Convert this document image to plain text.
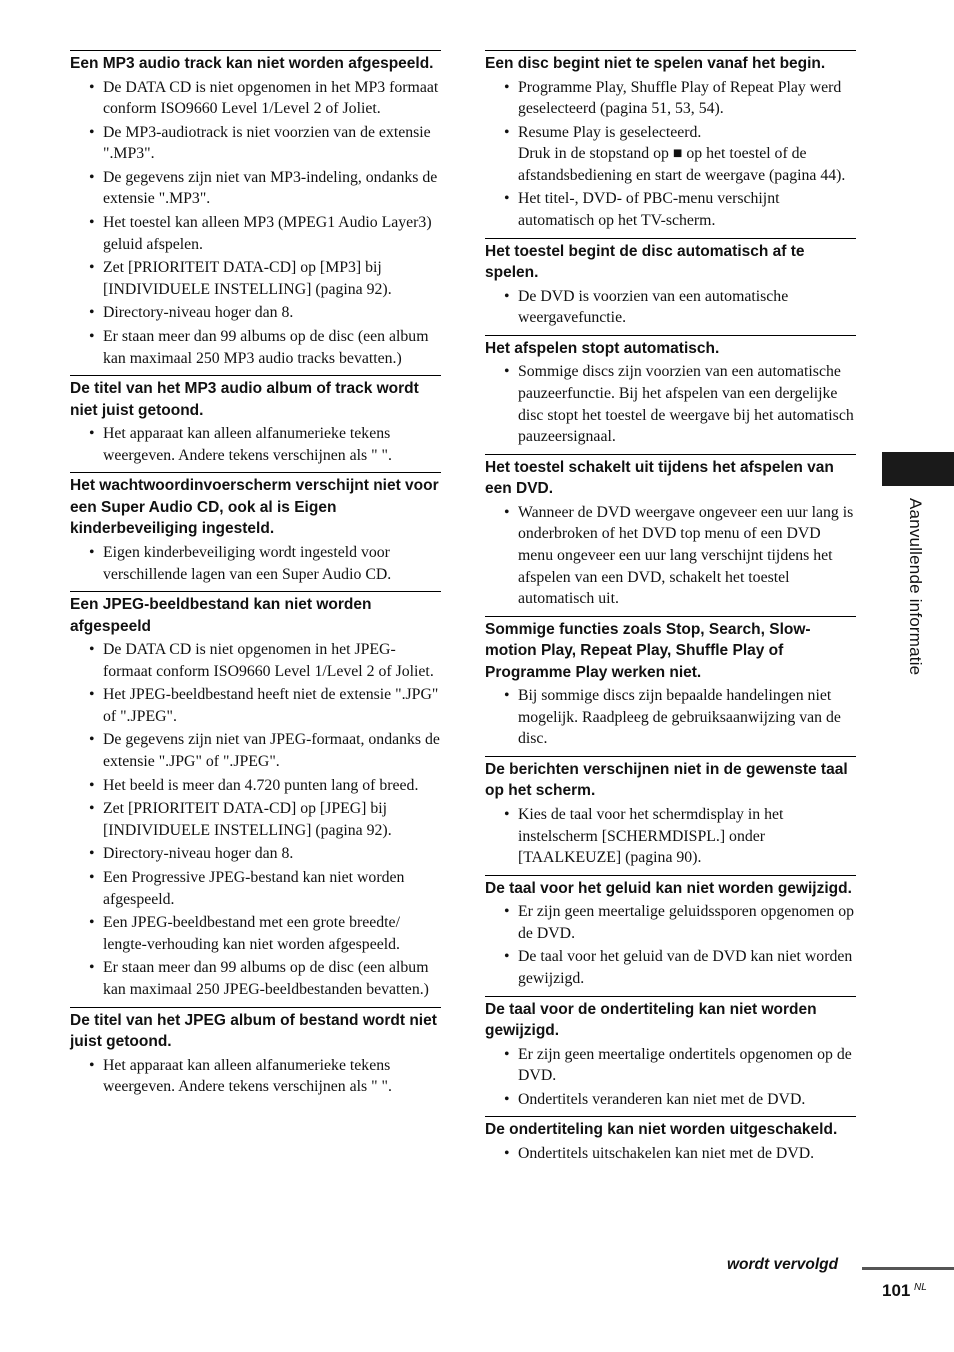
Een MP3 audio track kan niet worden afgespeeld.
• De DATA CD is niet opgenomen in het MP3 formaat conform ISO9660 Level 1/Level 2 of Joliet.
• De MP3-audiotrack is niet voorzien van de extensie ".MP3".
• De gegevens zijn niet van MP3-indeling, ondanks de extensie ".MP3".
• Het toestel kan alleen MP3 (MPEG1 Audio Layer3) geluid afspelen.
• Zet [PRIORITEIT DATA-CD] op [MP3] bij [INDIVIDUELE INSTELLING] (pagina 92).
• Directory-niveau hoger dan 8.
• Er staan meer dan 99 albums op de disc (een album kan maximaal 250 MP3 audio tracks bevatten.)
De titel van het MP3 audio album of track wordt niet juist getoond.
• Het apparaat kan alleen alfanumerieke tekens weergeven. Andere tekens verschijnen als " ".
Het wachtwoordinvoerscherm verschijnt niet voor een Super Audio CD, ook al is Eigen kinderbeveiliging ingesteld.
• Eigen kinderbeveiliging wordt ingesteld voor verschillende lagen van een Super Audio CD.
Een JPEG-beeldbestand kan niet worden afgespeeld
• De DATA CD is niet opgenomen in het JPEG-formaat conform ISO9660 Level 1/Level 2 of Joliet.
• Het JPEG-beeldbestand heeft niet de extensie ".JPG" of ".JPEG".
• De gegevens zijn niet van JPEG-formaat, ondanks de extensie ".JPG" of ".JPEG".
• Het beeld is meer dan 4.720 punten lang of breed.
• Zet [PRIORITEIT DATA-CD] op [JPEG] bij [INDIVIDUELE INSTELLING] (pagina 92).
• Directory-niveau hoger dan 8.
• Een Progressive JPEG-bestand kan niet worden afgespeeld.
• Een JPEG-beeldbestand met een grote breedte/ lengte-verhouding kan niet worden afgespeeld.
• Er staan meer dan 99 albums op de disc (een album kan maximaal 250 JPEG-beeldbestanden bevatten.)
De titel van het JPEG album of bestand wordt niet juist getoond.
• Het apparaat kan alleen alfanumerieke tekens weergeven. Andere tekens verschijnen als " ".
Een disc begint niet te spelen vanaf het begin.
• Programme Play, Shuffle Play of Repeat Play werd geselecteerd (pagina 51, 53, 54).
• Resume Play is geselecteerd.
Druk in de stopstand op ■ op het toestel of de afstandsbediening en start de weergave (pagina 44).
• Het titel-, DVD- of PBC-menu verschijnt automatisch op het TV-scherm.
Het toestel begint de disc automatisch af te spelen.
• De DVD is voorzien van een automatische weergavefunctie.
Het afspelen stopt automatisch.
• Sommige discs zijn voorzien van een automatische pauzeerfunctie. Bij het afspelen van een dergelijke disc stopt het toestel de weergave bij het automatisch pauzeersignaal.
Het toestel schakelt uit tijdens het afspelen van een DVD.
• Wanneer de DVD weergave ongeveer een uur lang is onderbroken of het DVD top menu of een DVD menu ongeveer een uur lang verschijnt tijdens het afspelen van een DVD, schakelt het toestel automatisch uit.
Sommige functies zoals Stop, Search, Slow-motion Play, Repeat Play, Shuffle Play of Programme Play werken niet.
• Bij sommige discs zijn bepaalde handelingen niet mogelijk. Raadpleeg de gebruiksaanwijzing van de disc.
De berichten verschijnen niet in de gewenste taal op het scherm.
• Kies de taal voor het schermdisplay in het instelscherm [SCHERMDISPL.] onder [TAALKEUZE] (pagina 90).
De taal voor het geluid kan niet worden gewijzigd.
• Er zijn geen meertalige geluidssporen opgenomen op de DVD.
• De taal voor het geluid van de DVD kan niet worden gewijzigd.
De taal voor de ondertiteling kan niet worden gewijzigd.
• Er zijn geen meertalige ondertitels opgenomen op de DVD.
• Ondertitels veranderen kan niet met de DVD.
De ondertiteling kan niet worden uitgeschakeld.
• Ondertitels uitschakelen kan niet met de DVD.
Aanvullende informatie
wordt vervolgd
101 NL
